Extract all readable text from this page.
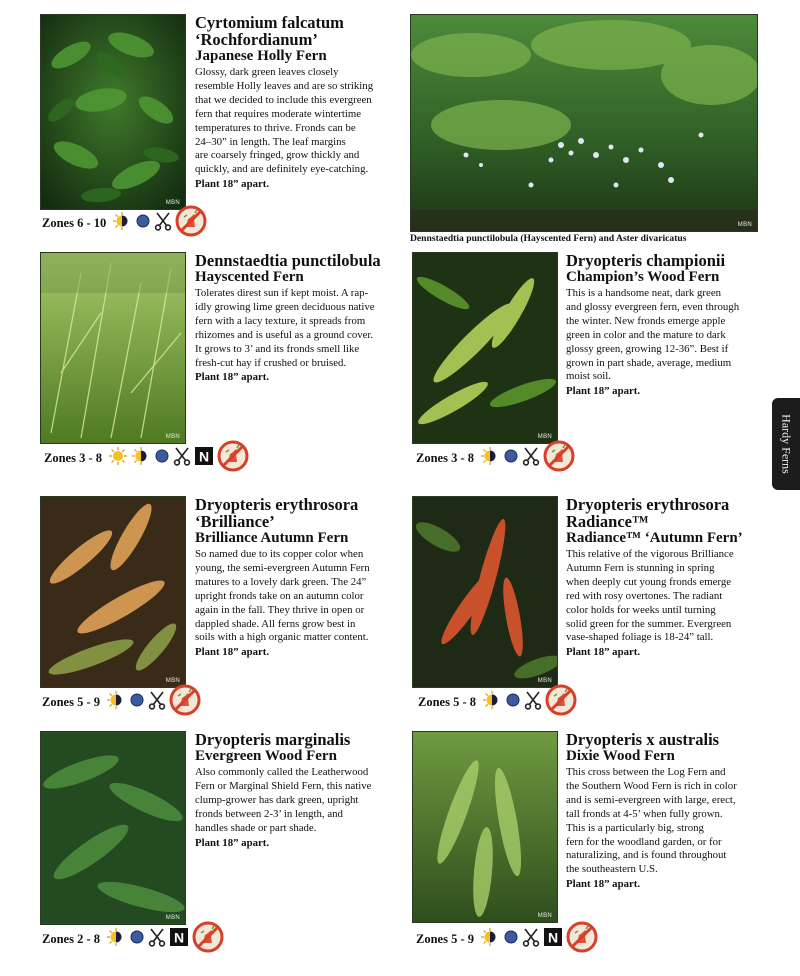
MBN
MBN
Dennstaedtia punctilobula (Hayscented Fern) and Aster divaricatus
MBN	MBN
MBN	MBN
MBN	MBN
Cyrtomium falcatum
‘Rochfordianum’
Japanese Holly Fern
Glossy, dark green leaves closely
resemble Holly leaves and are so striking
that we decided to include this evergreen
fern that requires moderate wintertime
temperatures to thrive. Fronds can be
24–30” in length. The leaf margins
are coarsely fringed, grow thickly and
quickly, and are definitely eye-catching.
Plant 18” apart.
Dennstaedtia punctilobula
Hayscented Fern
Tolerates direst sun if kept moist. A rap-
idly growing lime green deciduous native
fern with a lacy texture, it spreads from
rhizomes and is useful as a ground cover.
It grows to 3’ and its fronds smell like
fresh-cut hay if crushed or bruised.
Plant 18” apart.
Dryopteris championii
Champion’s Wood Fern
This is a handsome neat, dark green
and glossy evergreen fern, even through
the winter. New fronds emerge apple
green in color and the mature to dark
glossy green, growing 12-36”. Best if
grown in part shade, average, medium
moist soil.
Plant 18” apart.
Dryopteris erythrosora
‘Brilliance’
Brilliance Autumn Fern
So named due to its copper color when
young, the semi-evergreen Autumn Fern
matures to a lovely dark green. The 24”
upright fronds take on an autumn color
again in the fall. They thrive in open or
dappled shade. All ferns grow best in
soils with a high organic matter content.
Plant 18” apart.
Dryopteris erythrosora
Radiance™
Radiance™ ‘Autumn Fern’
This relative of the vigorous Brilliance
Autumn Fern is stunning in spring
when deeply cut young fronds emerge
red with rosy overtones. The radiant
color holds for weeks until turning
solid green for the summer. Evergreen
vase-shaped foliage is 18-24” tall.
Plant 18” apart.
Dryopteris marginalis
Evergreen Wood Fern
Also commonly called the Leatherwood
Fern or Marginal Shield Fern, this native
clump-grower has dark green, upright
fronds between 2-3’ in length, and
handles shade or part shade.
Plant 18” apart.
Dryopteris x australis
Dixie Wood Fern
This cross between the Log Fern and
the Southern Wood Fern is rich in color
and is semi-evergreen with large, erect,
tall fronds at 4-5’ when fully grown.
This is a particularly big, strong
fern for the woodland garden, or for
naturalizing, and is found throughout
the southeastern U.S.
Plant 18” apart.
Zones 6 - 10
Zones 3 - 8	N	Zones 3 - 8
Zones 5 - 9	Zones 5 - 8
Zones 2 - 8	N	Zones 5 - 9	N
Hardy Ferns
